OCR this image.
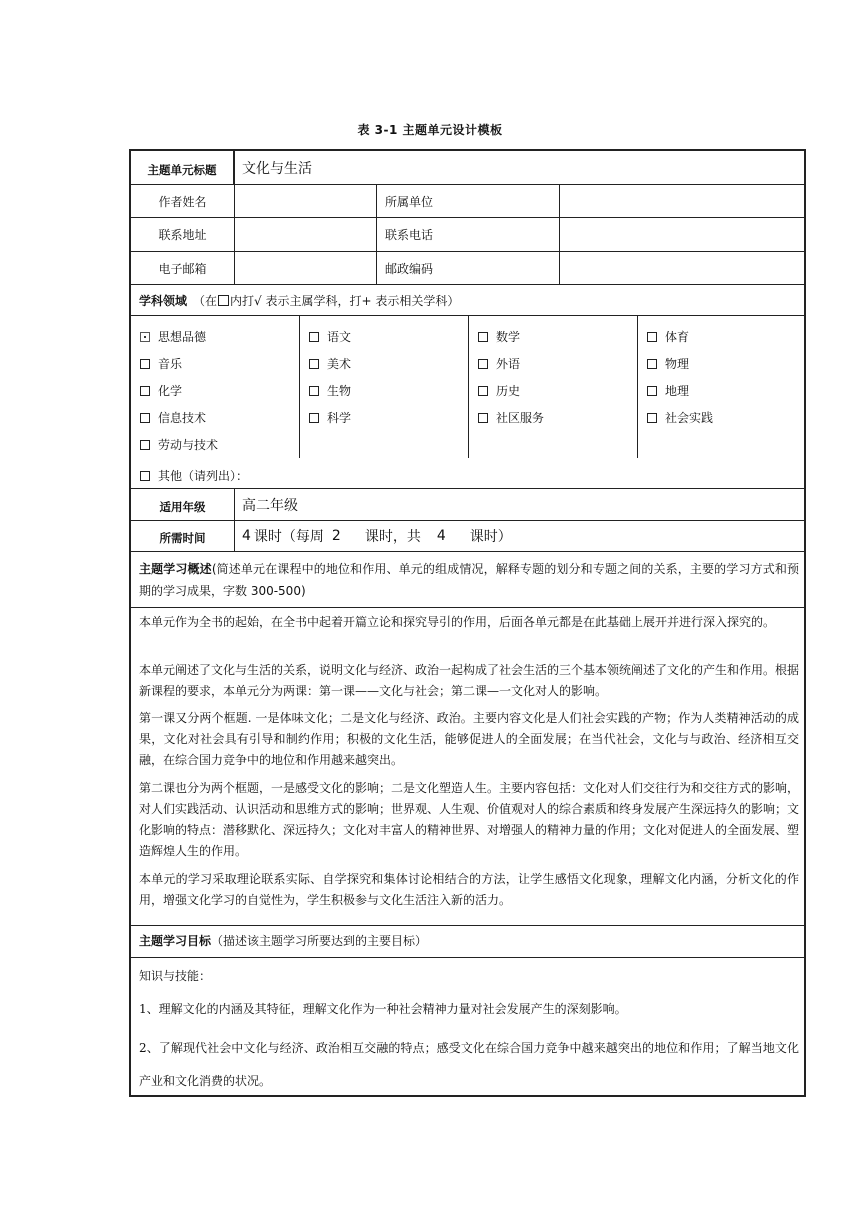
表 3-1 主题单元设计模板
主题单元标题	文化与生活
作者姓名	所属单位
联系地址	联系电话
电子邮箱	邮政编码
学科领域 （在 内打√ 表示主属学科，打+ 表示相关学科）
思想品德	语文	数学	体育
音乐	美术	外语	物理
化学	生物	历史	地理
信息技术	科学	社区服务	社会实践
劳动与技术
其他（请列出）：
适用年级	高二年级
所需时间	4 课时（每周 2 课时，共 4 课时）
主题学习概述(简述单元在课程中的地位和作用、单元的组成情况，解释专题的划分和专题之间的关系，主要的学习方式和预期的学习成果，字数 300-500)
本单元作为全书的起始，在全书中起着开篇立论和探究导引的作用，后面各单元都是在此基础上展开并进行深入探究的。
本单元阐述了文化与生活的关系，说明文化与经济、政治一起构成了社会生活的三个基本领统阐述了文化的产生和作用。根据新课程的要求，本单元分为两课：第一课——文化与社会；第二课—一文化对人的影响。
第一课又分两个框题. 一是体味文化；二是文化与经济、政治。主要内容文化是人们社会实践的产物；作为人类精神活动的成果，文化对社会具有引导和制约作用；积极的文化生活，能够促进人的全面发展；在当代社会，文化与与政治、经济相互交融，在综合国力竞争中的地位和作用越来越突出。
第二课也分为两个框题，一是感受文化的影响；二是文化塑造人生。主要内容包括：文化对人们交往行为和交往方式的影响，对人们实践活动、认识活动和思维方式的影响；世界观、人生观、价值观对人的综合素质和终身发展产生深远持久的影响；文化影响的特点：潜移默化、深远持久；文化对丰富人的精神世界、对增强人的精神力量的作用；文化对促进人的全面发展、塑造辉煌人生的作用。
本单元的学习采取理论联系实际、自学探究和集体讨论相结合的方法，让学生感悟文化现象，理解文化内涵，分析文化的作用，增强文化学习的自觉性为，学生积极参与文化生活注入新的活力。
主题学习目标（描述该主题学习所要达到的主要目标）
知识与技能：
1、理解文化的内涵及其特征，理解文化作为一种社会精神力量对社会发展产生的深刻影响。
2、了解现代社会中文化与经济、政治相互交融的特点；感受文化在综合国力竞争中越来越突出的地位和作用；了解当地文化产业和文化消费的状况。
